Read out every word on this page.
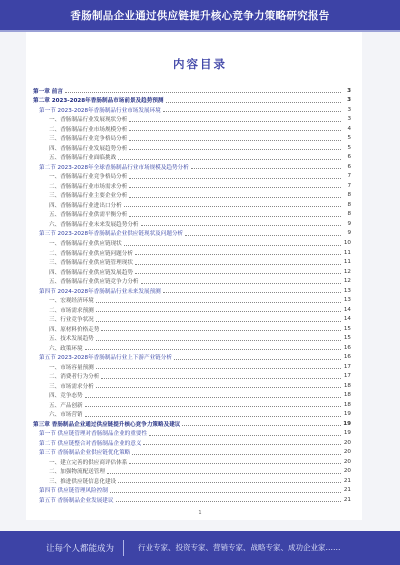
香肠制品企业通过供应链提升核心竞争力策略研究报告
内容目录
第一章 前言	3
第二章 2023-2028年香肠制品市场前景及趋势预测	3
第一节 2023-2028年香肠制品行业市场发展环境	3
一、香肠制品行业发展现状分析	3
二、香肠制品行业市场规模分析	4
三、香肠制品行业竞争格局分析	5
四、香肠制品行业发展趋势分析	5
五、香肠制品行业面临挑战	6
第二节 2023-2028年全球香肠制品行业市场规模及趋势分析	6
一、香肠制品行业竞争格局分析	7
二、香肠制品行业市场需求分析	7
三、香肠制品行业主要企业分析	8
四、香肠制品行业进出口分析	8
五、香肠制品行业供需平衡分析	8
六、香肠制品行业未来发展趋势分析	9
第三节 2023-2028年香肠制品企业供应链现状及问题分析	9
一、香肠制品行业供应链现状	10
二、香肠制品行业供应链问题分析	11
三、香肠制品行业供应链管理现状	11
四、香肠制品行业供应链发展趋势	12
五、香肠制品行业供应链竞争力分析	12
第四节 2024-2028年香肠制品行业未来发展预测	13
一、宏观经济环境	13
二、市场需求预测	14
三、行业竞争状况	14
四、原材料价格走势	15
五、技术发展趋势	15
六、政策环境	16
第五节 2023-2028年香肠制品行业上下游产业链分析	16
一、市场容量预测	17
二、消费者行为分析	17
三、市场需求分析	18
四、竞争态势	18
五、产品创新	18
六、市场营销	19
第三章 香肠制品企业通过供应链提升核心竞争力策略及建议	19
第一节 供应链管理对香肠制品企业的重要性	19
第二节 供应链整合对香肠制品企业的意义	20
第三节 香肠制品企业供应链优化策略	20
一、建立完善的供应商评估体系	20
二、加强物流配送管理	20
三、推进供应链信息化建设	21
第四节 供应链管理风险控制	21
第五节 香肠制品企业发展建议	21
1
让每个人都能成为	行业专家、投资专家、营销专家、战略专家、成功企业家……
